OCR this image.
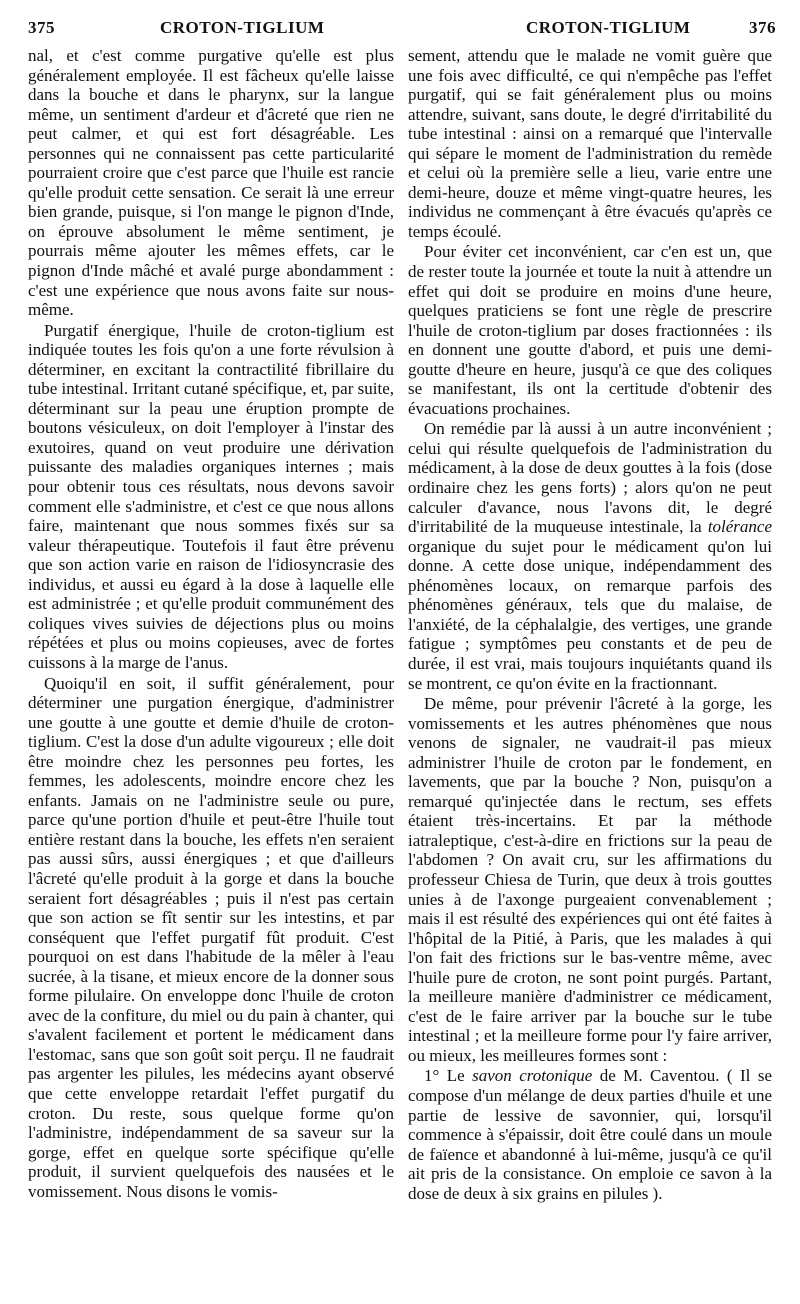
375	CROTON-TIGLIUM	CROTON-TIGLIUM	376

nal, et c'est comme purgative qu'elle est plus généralement employée. Il est fâcheux qu'elle laisse dans la bouche et dans le pharynx, sur la langue même, un sentiment d'ardeur et d'âcreté que rien ne peut calmer, et qui est fort désagréable. Les personnes qui ne connaissent pas cette particularité pourraient croire que c'est parce que l'huile est rancie qu'elle produit cette sensation. Ce serait là une erreur bien grande, puisque, si l'on mange le pignon d'Inde, on éprouve absolument le même sentiment, je pourrais même ajouter les mêmes effets, car le pignon d'Inde mâché et avalé purge abondamment : c'est une expérience que nous avons faite sur nous-même.

Purgatif énergique, l'huile de croton-tiglium est indiquée toutes les fois qu'on a une forte révulsion à déterminer, en excitant la contractilité fibrillaire du tube intestinal. Irritant cutané spécifique, et, par suite, déterminant sur la peau une éruption prompte de boutons vésiculeux, on doit l'employer à l'instar des exutoires, quand on veut produire une dérivation puissante des maladies organiques internes ; mais pour obtenir tous ces résultats, nous devons savoir comment elle s'administre, et c'est ce que nous allons faire, maintenant que nous sommes fixés sur sa valeur thérapeutique. Toutefois il faut être prévenu que son action varie en raison de l'idiosyncrasie des individus, et aussi eu égard à la dose à laquelle elle est administrée ; et qu'elle produit communément des coliques vives suivies de déjections plus ou moins répétées et plus ou moins copieuses, avec de fortes cuissons à la marge de l'anus.

Quoiqu'il en soit, il suffit généralement, pour déterminer une purgation énergique, d'administrer une goutte à une goutte et demie d'huile de croton-tiglium. C'est la dose d'un adulte vigoureux ; elle doit être moindre chez les personnes peu fortes, les femmes, les adolescents, moindre encore chez les enfants. Jamais on ne l'administre seule ou pure, parce qu'une portion d'huile et peut-être l'huile tout entière restant dans la bouche, les effets n'en seraient pas aussi sûrs, aussi énergiques ; et que d'ailleurs l'âcreté qu'elle produit à la gorge et dans la bouche seraient fort désagréables ; puis il n'est pas certain que son action se fît sentir sur les intestins, et par conséquent que l'effet purgatif fût produit. C'est pourquoi on est dans l'habitude de la mêler à l'eau sucrée, à la tisane, et mieux encore de la donner sous forme pilulaire. On enveloppe donc l'huile de croton avec de la confiture, du miel ou du pain à chanter, qui s'avalent facilement et portent le médicament dans l'estomac, sans que son goût soit perçu. Il ne faudrait pas argenter les pilules, les médecins ayant observé que cette enveloppe retardait l'effet purgatif du croton. Du reste, sous quelque forme qu'on l'administre, indépendamment de sa saveur sur la gorge, effet en quelque sorte spécifique qu'elle produit, il survient quelquefois des nausées et le vomissement. Nous disons le vomis-

sement, attendu que le malade ne vomit guère que une fois avec difficulté, ce qui n'empêche pas l'effet purgatif, qui se fait généralement plus ou moins attendre, suivant, sans doute, le degré d'irritabilité du tube intestinal : ainsi on a remarqué que l'intervalle qui sépare le moment de l'administration du remède et celui où la première selle a lieu, varie entre une demi-heure, douze et même vingt-quatre heures, les individus ne commençant à être évacués qu'après ce temps écoulé.

Pour éviter cet inconvénient, car c'en est un, que de rester toute la journée et toute la nuit à attendre un effet qui doit se produire en moins d'une heure, quelques praticiens se font une règle de prescrire l'huile de croton-tiglium par doses fractionnées : ils en donnent une goutte d'abord, et puis une demi-goutte d'heure en heure, jusqu'à ce que des coliques se manifestant, ils ont la certitude d'obtenir des évacuations prochaines.

On remédie par là aussi à un autre inconvénient ; celui qui résulte quelquefois de l'administration du médicament, à la dose de deux gouttes à la fois (dose ordinaire chez les gens forts) ; alors qu'on ne peut calculer d'avance, nous l'avons dit, le degré d'irritabilité de la muqueuse intestinale, la tolérance organique du sujet pour le médicament qu'on lui donne. A cette dose unique, indépendamment des phénomènes locaux, on remarque parfois des phénomènes généraux, tels que du malaise, de l'anxiété, de la céphalalgie, des vertiges, une grande fatigue ; symptômes peu constants et de peu de durée, il est vrai, mais toujours inquiétants quand ils se montrent, ce qu'on évite en la fractionnant.

De même, pour prévenir l'âcreté à la gorge, les vomissements et les autres phénomènes que nous venons de signaler, ne vaudrait-il pas mieux administrer l'huile de croton par le fondement, en lavements, que par la bouche ? Non, puisqu'on a remarqué qu'injectée dans le rectum, ses effets étaient très-incertains. Et par la méthode iatraleptique, c'est-à-dire en frictions sur la peau de l'abdomen ? On avait cru, sur les affirmations du professeur Chiesa de Turin, que deux à trois gouttes unies à de l'axonge purgeaient convenablement ; mais il est résulté des expériences qui ont été faites à l'hôpital de la Pitié, à Paris, que les malades à qui l'on fait des frictions sur le bas-ventre même, avec l'huile pure de croton, ne sont point purgés. Partant, la meilleure manière d'administrer ce médicament, c'est de le faire arriver par la bouche sur le tube intestinal ; et la meilleure forme pour l'y faire arriver, ou mieux, les meilleures formes sont :

1° Le savon crotonique de M. Caventou. ( Il se compose d'un mélange de deux parties d'huile et une partie de lessive de savonnier, qui, lorsqu'il commence à s'épaissir, doit être coulé dans un moule de faïence et abandonné à lui-même, jusqu'à ce qu'il ait pris de la consistance. On emploie ce savon à la dose de deux à six grains en pilules ).
